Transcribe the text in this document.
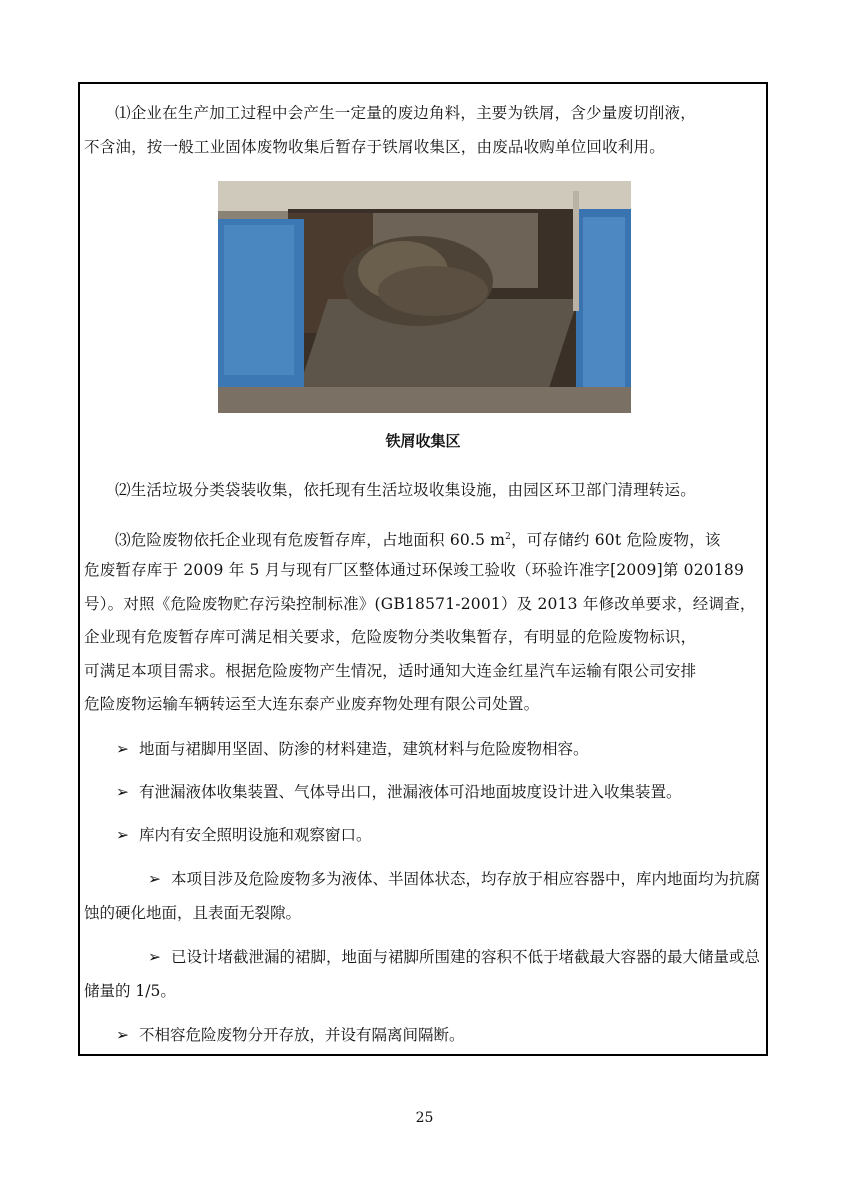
⑴企业在生产加工过程中会产生一定量的废边角料，主要为铁屑，含少量废切削液，
不含油，按一般工业固体废物收集后暂存于铁屑收集区，由废品收购单位回收利用。
铁屑收集区
⑵生活垃圾分类袋装收集，依托现有生活垃圾收集设施，由园区环卫部门清理转运。
⑶危险废物依托企业现有危废暂存库，占地面积 60.5 $m^2$，可存储约 60t 危险废物，该
危废暂存库于 2009 年 5 月与现有厂区整体通过环保竣工验收（环验许准字[2009]第 020189
号）。对照《危险废物贮存污染控制标准》(GB18571-2001）及 2013 年修改单要求，经调查，
企业现有危废暂存库可满足相关要求，危险废物分类收集暂存，有明显的危险废物标识，
可满足本项目需求。根据危险废物产生情况，适时通知大连金红星汽车运输有限公司安排
危险废物运输车辆转运至大连东泰产业废弃物处理有限公司处置。
➢ 地面与裙脚用坚固、防渗的材料建造，建筑材料与危险废物相容。
➢ 有泄漏液体收集装置、气体导出口，泄漏液体可沿地面坡度设计进入收集装置。
➢ 库内有安全照明设施和观察窗口。
➢ 本项目涉及危险废物多为液体、半固体状态，均存放于相应容器中，库内地面均为抗腐蚀的硬化地面，且表面无裂隙。
➢ 已设计堵截泄漏的裙脚，地面与裙脚所围建的容积不低于堵截最大容器的最大储量或总储量的 1/5。
➢ 不相容危险废物分开存放，并设有隔离间隔断。
25
